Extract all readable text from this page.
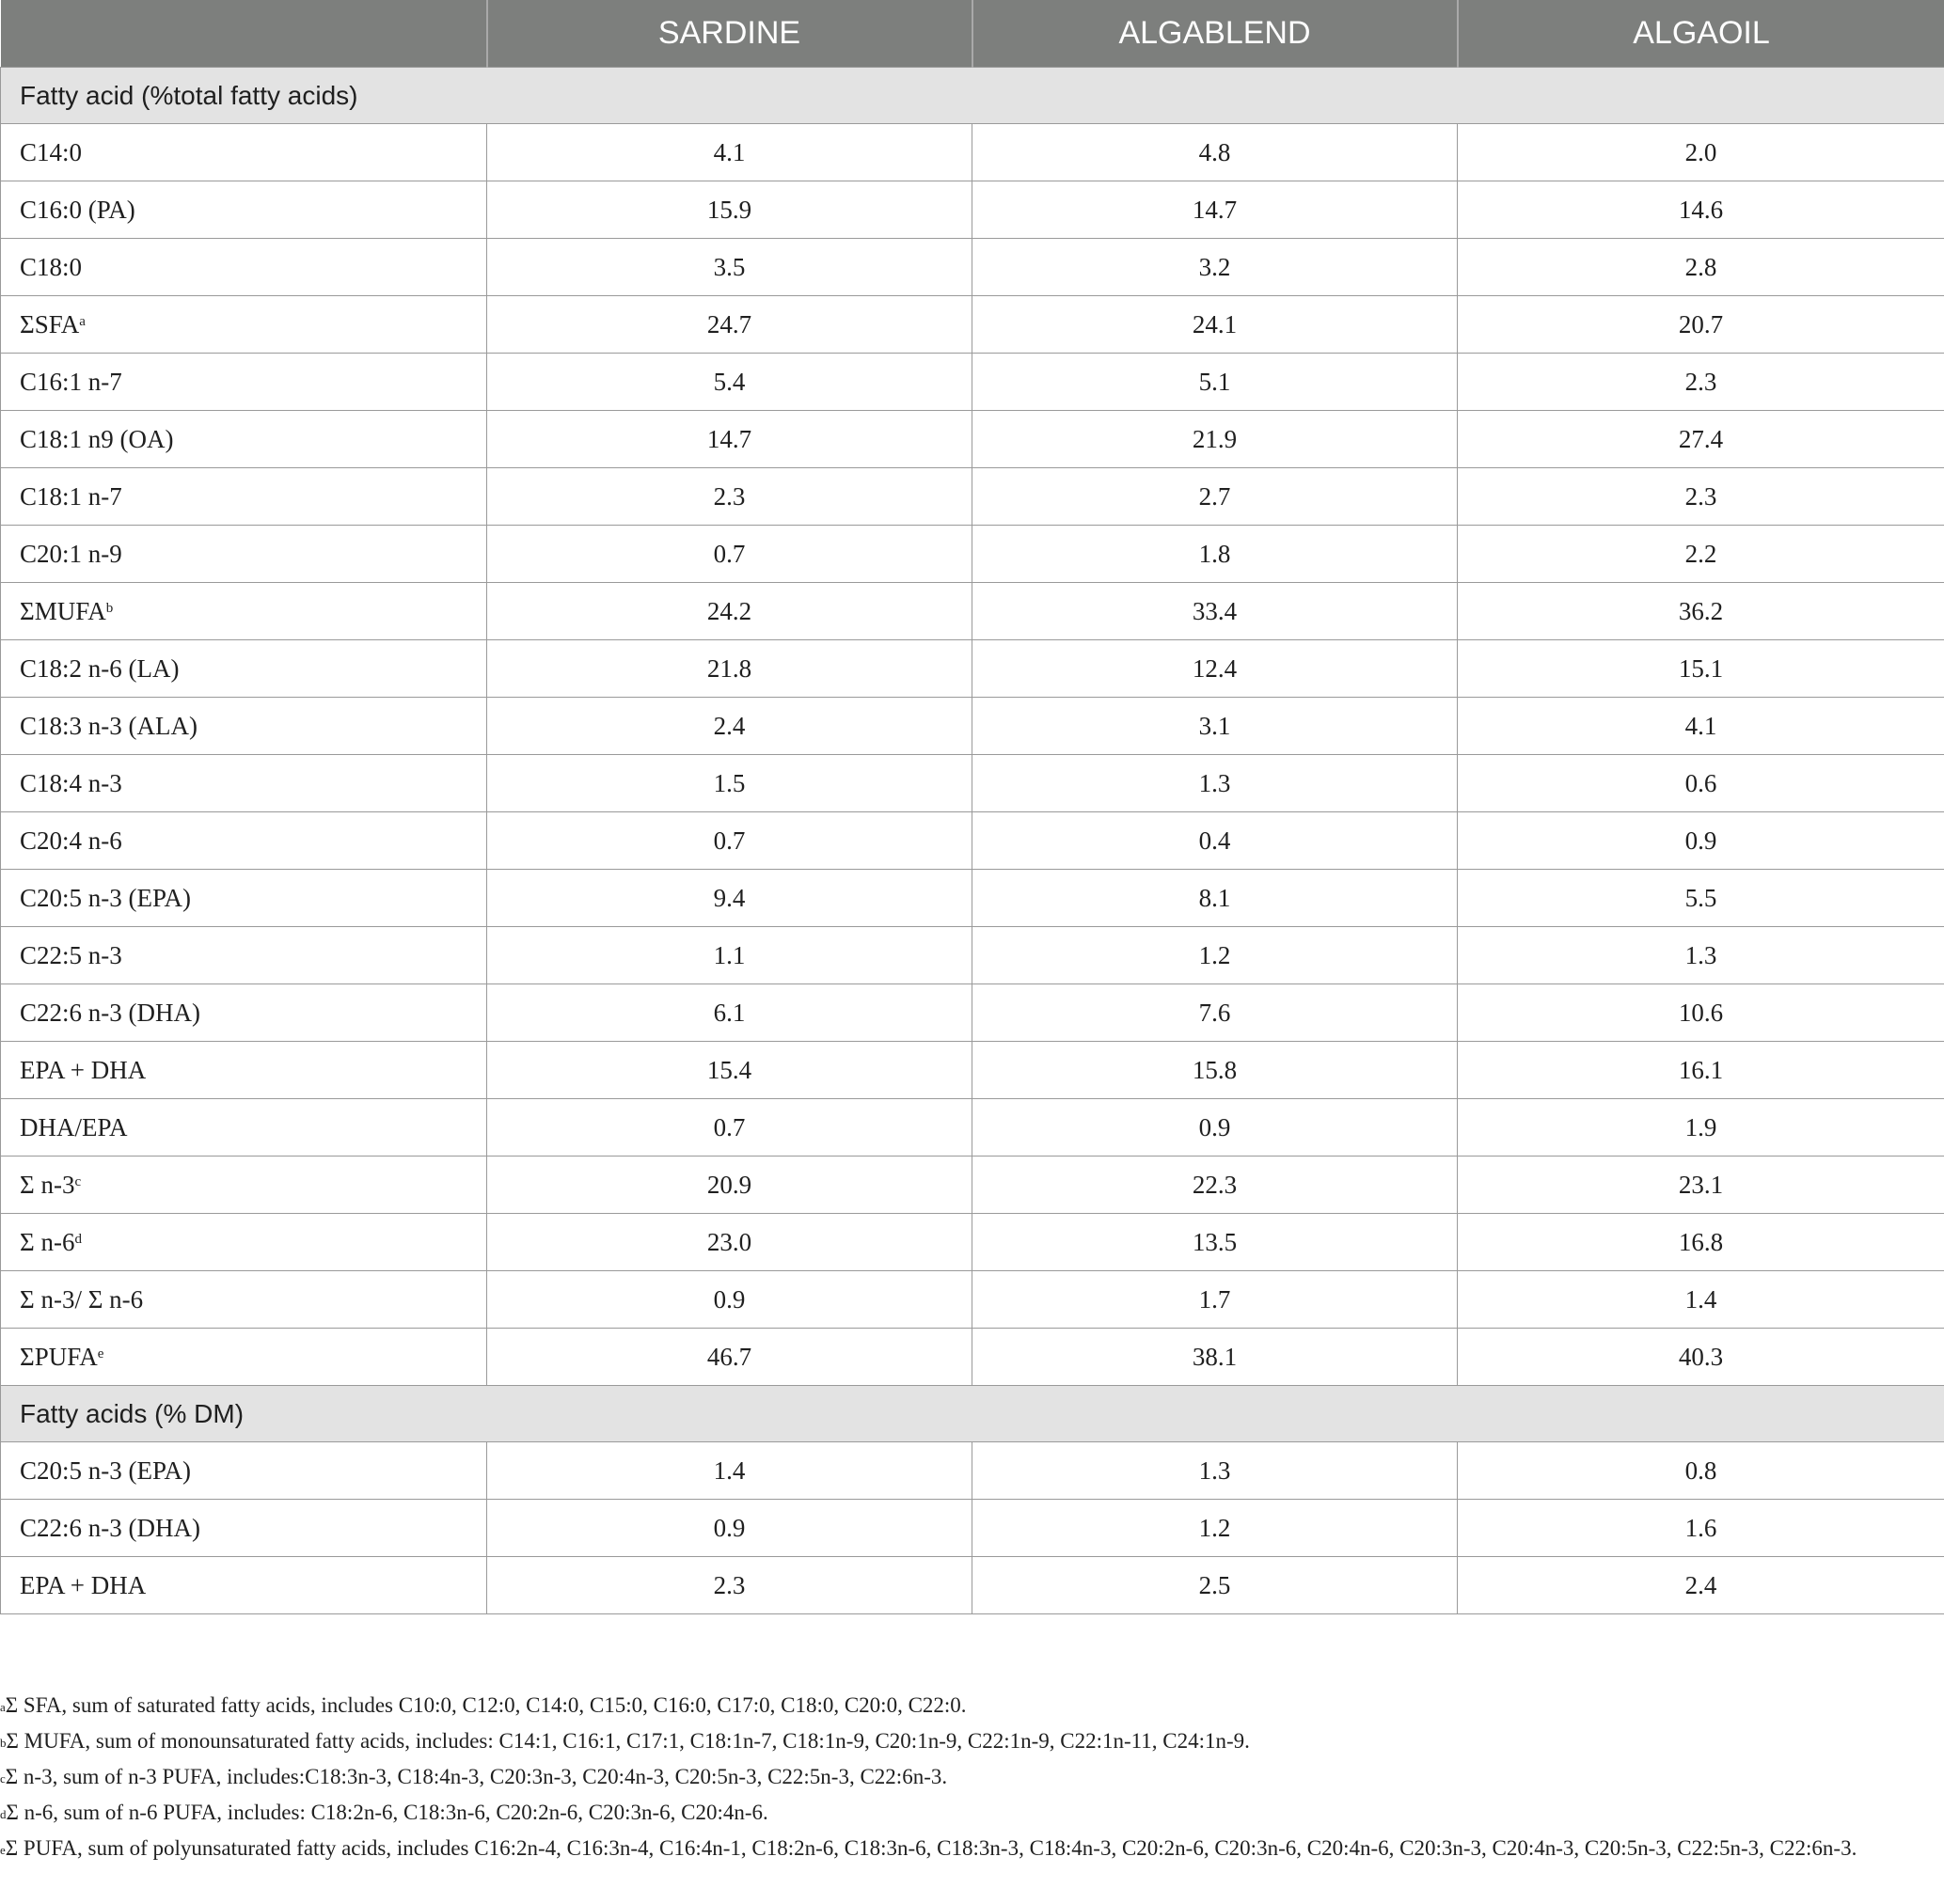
	SARDINE	ALGABLEND	ALGAOIL
Fatty acid (%total fatty acids)			
C14:0	4.1	4.8	2.0
C16:0 (PA)	15.9	14.7	14.6
C18:0	3.5	3.2	2.8
ΣSFA$^a$	24.7	24.1	20.7
C16:1 n-7	5.4	5.1	2.3
C18:1 n9 (OA)	14.7	21.9	27.4
C18:1 n-7	2.3	2.7	2.3
C20:1 n-9	0.7	1.8	2.2
ΣMUFA$^b$	24.2	33.4	36.2
C18:2 n-6 (LA)	21.8	12.4	15.1
C18:3 n-3 (ALA)	2.4	3.1	4.1
C18:4 n-3	1.5	1.3	0.6
C20:4 n-6	0.7	0.4	0.9
C20:5 n-3 (EPA)	9.4	8.1	5.5
C22:5 n-3	1.1	1.2	1.3
C22:6 n-3 (DHA)	6.1	7.6	10.6
EPA + DHA	15.4	15.8	16.1
DHA/EPA	0.7	0.9	1.9
Σ n-3$^c$	20.9	22.3	23.1
Σ n-6$^d$	23.0	13.5	16.8
Σ n-3/ Σ n-6	0.9	1.7	1.4
ΣPUFA$^e$	46.7	38.1	40.3
Fatty acids (% DM)			
C20:5 n-3 (EPA)	1.4	1.3	0.8
C22:6 n-3 (DHA)	0.9	1.2	1.6
EPA + DHA	2.3	2.5	2.4
$^a$Σ SFA, sum of saturated fatty acids, includes C10:0, C12:0, C14:0, C15:0, C16:0, C17:0, C18:0, C20:0, C22:0.
$^b$Σ MUFA, sum of monounsaturated fatty acids, includes: C14:1, C16:1, C17:1, C18:1n-7, C18:1n-9, C20:1n-9, C22:1n-9, C22:1n-11, C24:1n-9.
$^c$Σ n-3, sum of n-3 PUFA, includes:C18:3n-3, C18:4n-3, C20:3n-3, C20:4n-3, C20:5n-3, C22:5n-3, C22:6n-3.
$^d$Σ n-6, sum of n-6 PUFA, includes: C18:2n-6, C18:3n-6, C20:2n-6, C20:3n-6, C20:4n-6.
$^e$Σ PUFA, sum of polyunsaturated fatty acids, includes C16:2n-4, C16:3n-4, C16:4n-1, C18:2n-6, C18:3n-6, C18:3n-3, C18:4n-3, C20:2n-6, C20:3n-6, C20:4n-6, C20:3n-3, C20:4n-3, C20:5n-3, C22:5n-3, C22:6n-3.
